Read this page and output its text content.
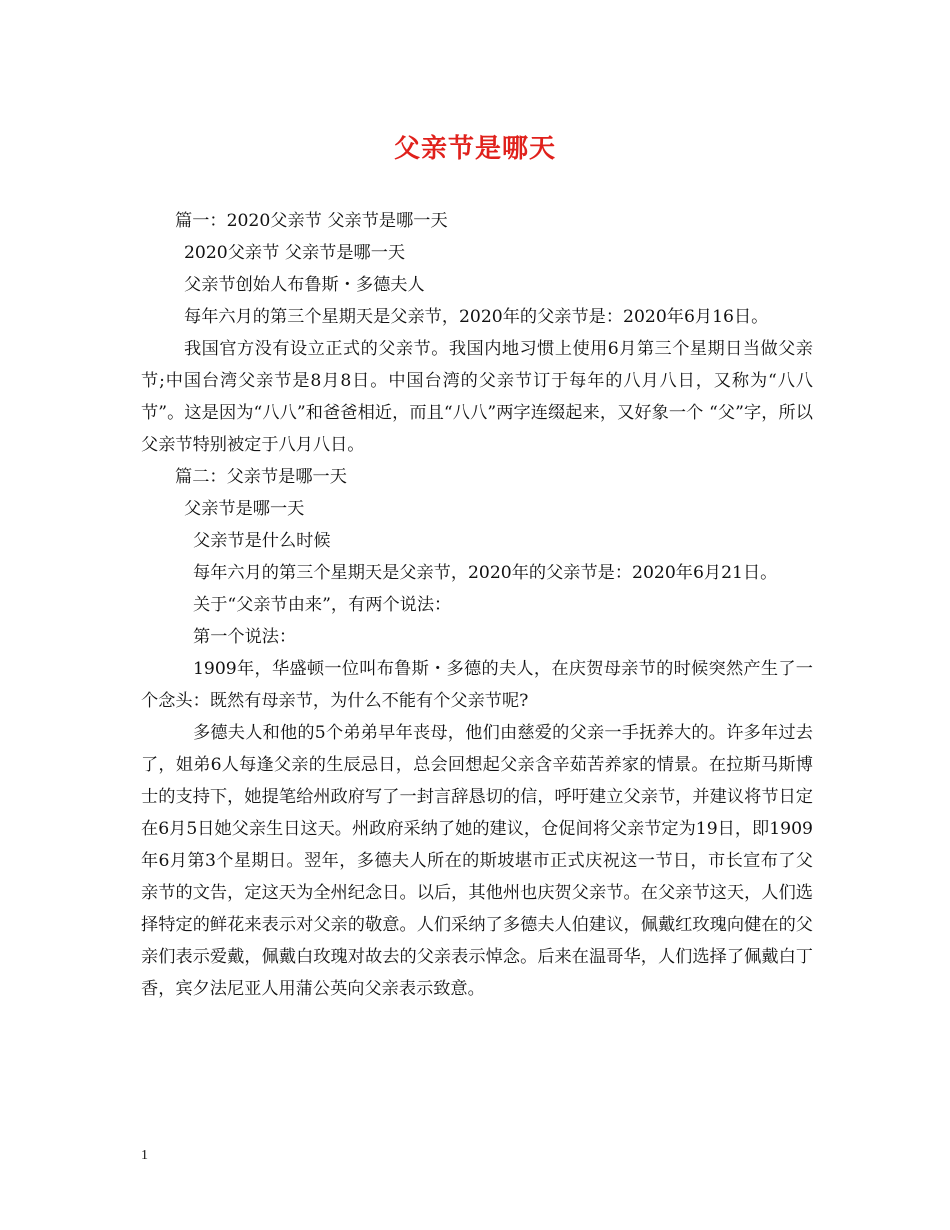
父亲节是哪天

篇一：2020父亲节 父亲节是哪一天

2020父亲节 父亲节是哪一天

父亲节创始人布鲁斯・多德夫人

每年六月的第三个星期天是父亲节，2020年的父亲节是：2020年6月16日。

我国官方没有设立正式的父亲节。我国内地习惯上使用6月第三个星期日当做父亲节;中国台湾父亲节是8月8日。中国台湾的父亲节订于每年的八月八日，又称为“八八节”。这是因为“八八”和爸爸相近，而且“八八”两字连缀起来，又好象一个 “父”字，所以父亲节特别被定于八月八日。

篇二：父亲节是哪一天

父亲节是哪一天

父亲节是什么时候

每年六月的第三个星期天是父亲节，2020年的父亲节是：2020年6月21日。

关于“父亲节由来”，有两个说法：

第一个说法：

1909年，华盛顿一位叫布鲁斯・多德的夫人，在庆贺母亲节的时候突然产生了一个念头：既然有母亲节，为什么不能有个父亲节呢?

多德夫人和他的5个弟弟早年丧母，他们由慈爱的父亲一手抚养大的。许多年过去了，姐弟6人每逢父亲的生辰忌日，总会回想起父亲含辛茹苦养家的情景。在拉斯马斯博士的支持下，她提笔给州政府写了一封言辞恳切的信，呼吁建立父亲节，并建议将节日定在6月5日她父亲生日这天。州政府采纳了她的建议，仓促间将父亲节定为19日，即1909年6月第3个星期日。翌年，多德夫人所在的斯坡堪市正式庆祝这一节日，市长宣布了父亲节的文告，定这天为全州纪念日。以后，其他州也庆贺父亲节。在父亲节这天，人们选择特定的鲜花来表示对父亲的敬意。人们采纳了多德夫人伯建议，佩戴红玫瑰向健在的父亲们表示爱戴，佩戴白玫瑰对故去的父亲表示悼念。后来在温哥华，人们选择了佩戴白丁香，宾夕法尼亚人用蒲公英向父亲表示致意。

1
